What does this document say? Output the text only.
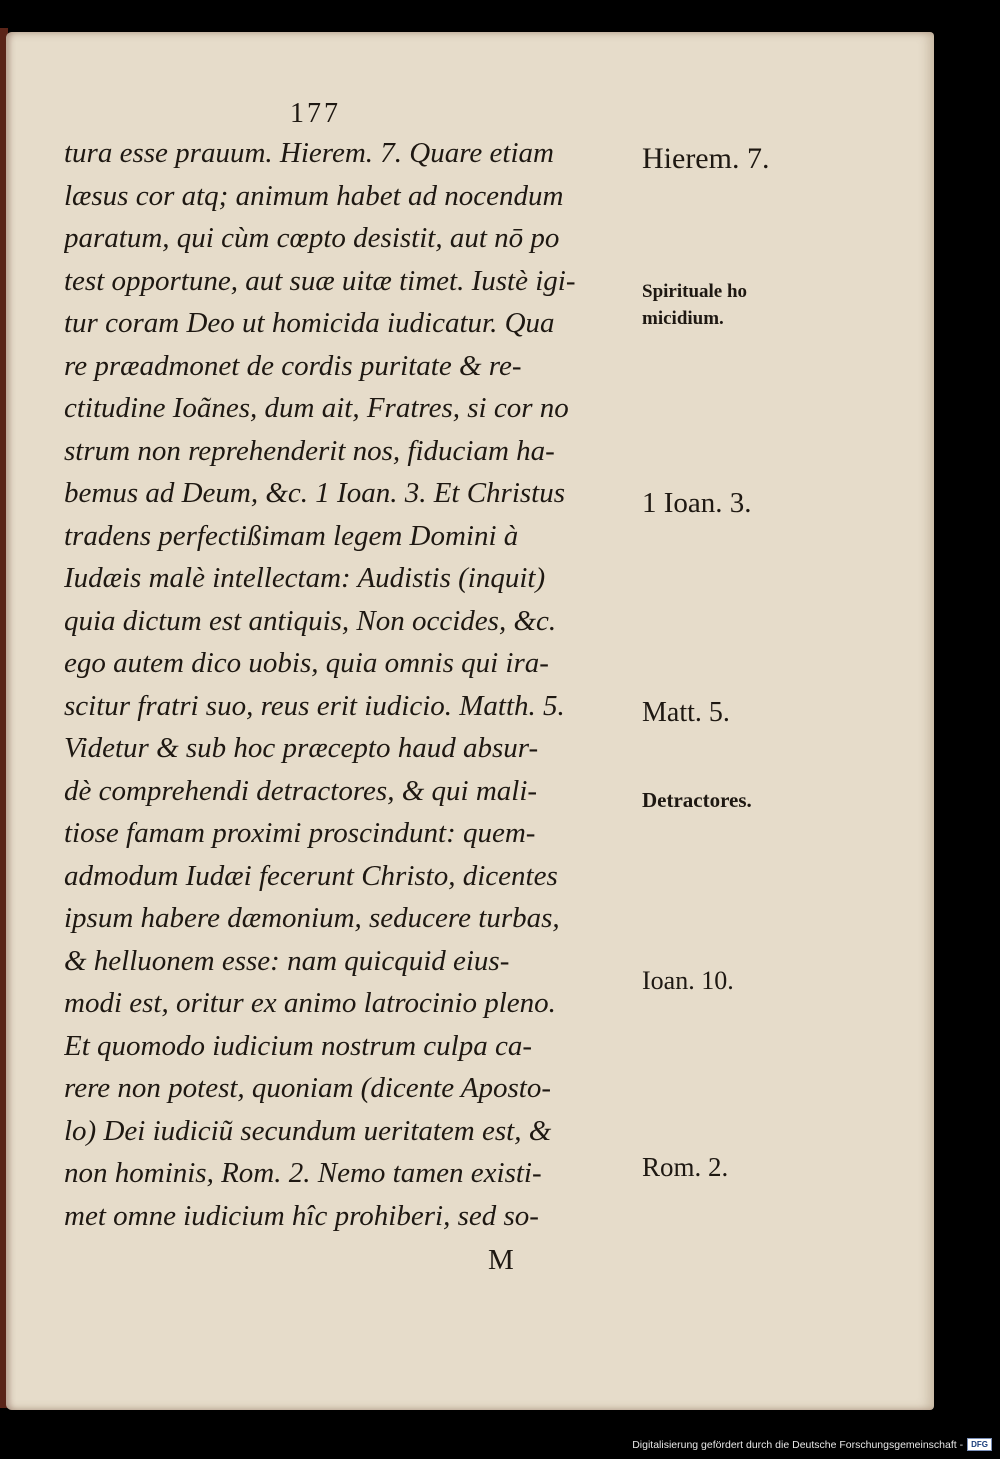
177
tura esse prauum. Hierem. 7. Quare etiam
læsus cor atq; animum habet ad nocendum
paratum, qui cùm cœpto desistit, aut nō po
test opportune, aut suæ uitæ timet. Iustè igi-
tur coram Deo ut homicida iudicatur. Qua
re præadmonet de cordis puritate & re-
ctitudine Ioãnes, dum ait, Fratres, si cor no
strum non reprehenderit nos, fiduciam ha-
bemus ad Deum, &c. 1 Ioan. 3. Et Christus
tradens perfectißimam legem Domini à
Iudæis malè intellectam: Audistis (inquit)
quia dictum est antiquis, Non occides, &c.
ego autem dico uobis, quia omnis qui ira-
scitur fratri suo, reus erit iudicio. Matth. 5.
Videtur & sub hoc præcepto haud absur-
dè comprehendi detractores, & qui mali-
tiose famam proximi proscindunt: quem-
admodum Iudæi fecerunt Christo, dicentes
ipsum habere dæmonium, seducere turbas,
& helluonem esse: nam quicquid eius-
modi est, oritur ex animo latrocinio pleno.
Et quomodo iudicium nostrum culpa ca-
rere non potest, quoniam (dicente Aposto-
lo) Dei iudiciũ secundum ueritatem est, &
non hominis, Rom. 2. Nemo tamen existi-
met omne iudicium hîc prohiberi, sed so-
M
Hierem. 7.
Spirituale ho
micidium.
1 Ioan. 3.
Matt. 5.
Detractores.
Ioan. 10.
Rom. 2.
Digitalisierung gefördert durch die Deutsche Forschungsgemeinschaft -	DFG
